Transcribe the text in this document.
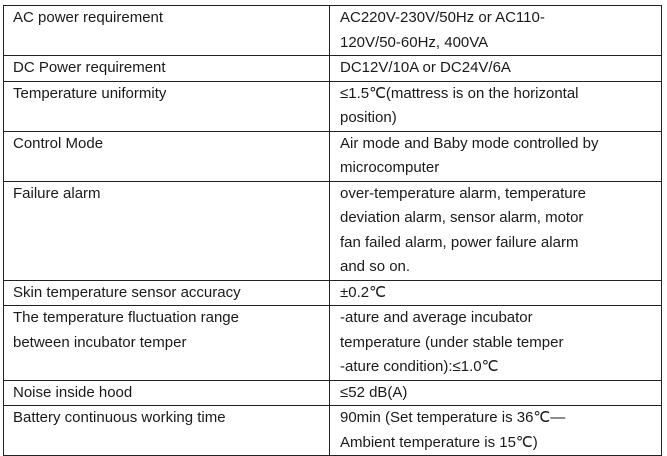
AC power requirement	AC220V-230V/50Hz or AC110-
120V/50-60Hz, 400VA
DC Power requirement	DC12V/10A or DC24V/6A
Temperature uniformity	≤1.5℃(mattress is on the horizontal
position)
Control Mode	Air mode and Baby mode controlled by
microcomputer
Failure alarm	over-temperature alarm, temperature
deviation alarm, sensor alarm, motor
fan failed alarm, power failure alarm
and so on.
Skin temperature sensor accuracy	±0.2℃
The temperature fluctuation range
between incubator temper	-ature and average incubator
temperature (under stable temper
-ature condition):≤1.0℃
Noise inside hood	≤52 dB(A)
Battery continuous working time	90min (Set temperature is 36℃—
Ambient temperature is 15℃)
